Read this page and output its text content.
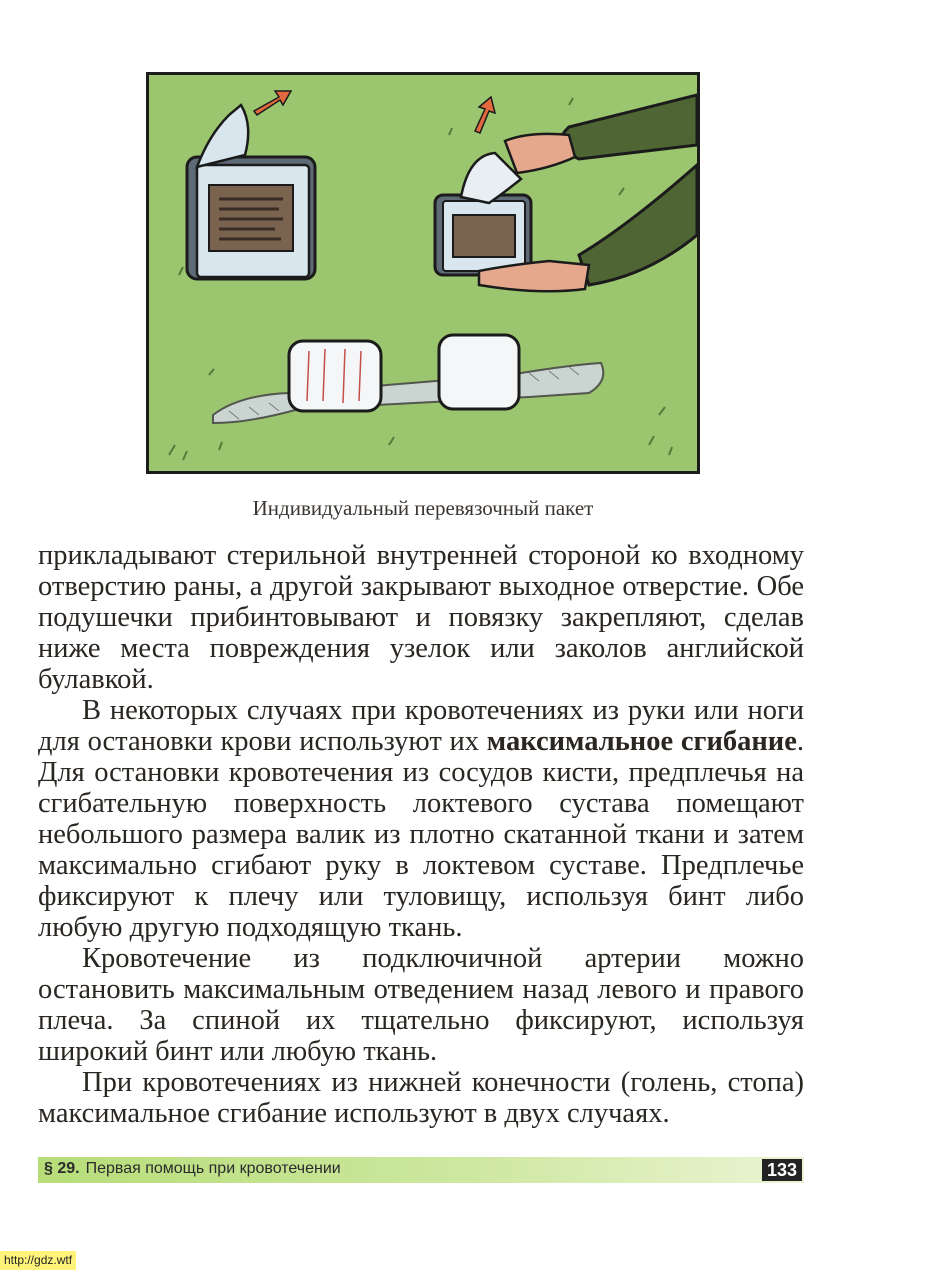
Индивидуальный перевязочный пакет

прикладывают стерильной внутренней стороной ко входному отверстию раны, а другой закрывают выходное отверстие. Обе подушечки прибинтовывают и повязку закрепляют, сделав ниже места повреждения узелок или заколов английской булавкой.

В некоторых случаях при кровотечениях из руки или ноги для остановки крови используют их максимальное сгибание. Для остановки кровотечения из сосудов кисти, предплечья на сгибательную поверхность локтевого сустава помещают небольшого размера валик из плотно скатанной ткани и затем максимально сгибают руку в локтевом суставе. Предплечье фиксируют к плечу или туловищу, используя бинт либо любую другую подходящую ткань.

Кровотечение из подключичной артерии можно остановить максимальным отведением назад левого и правого плеча. За спиной их тщательно фиксируют, используя широкий бинт или любую ткань.

При кровотечениях из нижней конечности (голень, стопа) максимальное сгибание используют в двух случаях.

§ 29. Первая помощь при кровотечении	133
http://gdz.wtf
